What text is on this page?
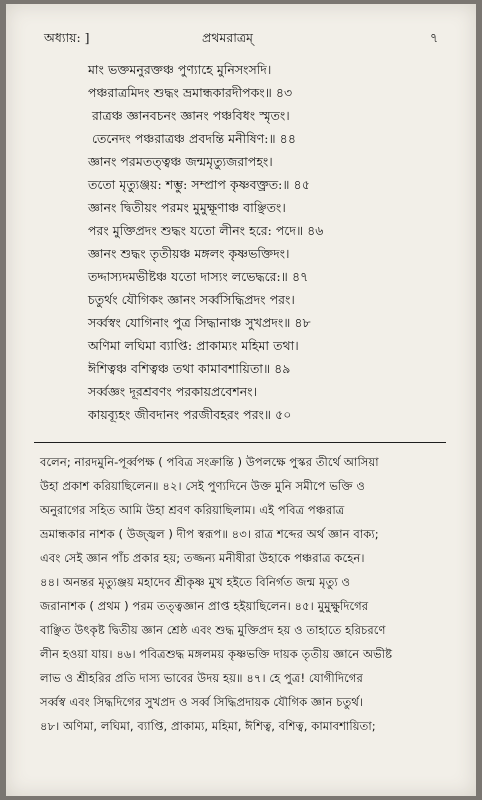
অধ্যায়: ]	প্রথমরাত্রম্	৭
মাং ভক্তমনুরক্তঞ্চ পুণ্যাহে মুনিসংসদি।
পঞ্চরাত্রমিদং শুদ্ধং ভ্রমান্ধকারদীপকং॥ ৪৩
রাত্রঞ্চ জ্ঞানবচনং জ্ঞানং পঞ্চবিধং স্মৃতং।
তেনেদং পঞ্চরাত্রঞ্চ প্রবদন্তি মনীষিণ:॥ ৪৪
জ্ঞানং পরমতত্ত্বঞ্চ জন্মমৃত্যুজরাপহং।
ততো মৃত্যুঞ্জয়: শম্ভু: সম্প্রাপ কৃষ্ণবক্ত্রত:॥ ৪৫
জ্ঞানং দ্বিতীয়ং পরমং মুমুক্ষূণাঞ্চ বাঞ্ছিতং।
পরং মুক্তিপ্রদং শুদ্ধং যতো লীনং হরে: পদে॥ ৪৬
জ্ঞানং শুদ্ধং তৃতীয়ঞ্চ মঙ্গলং কৃষ্ণভক্তিদং।
তদ্দাস্যদমভীষ্টঞ্চ যতো দাস্যং লভেদ্ধরে:॥ ৪৭
চতুর্থং যৌগিকং জ্ঞানং সর্ব্বসিদ্ধিপ্রদং পরং।
সর্ব্বস্বং যোগিনাং পুত্র সিদ্ধানাঞ্চ সুখপ্রদং॥ ৪৮
অণিমা লঘিমা ব্যাপ্তি: প্রাকাম্যং মহিমা তথা।
ঈশিত্বঞ্চ বশিত্বঞ্চ তথা কামাবশায়িতা॥ ৪৯
সর্ব্বজ্ঞং দূরশ্রবণং পরকায়প্রবেশনং।
কায়ব্যূহং জীবদানং পরজীবহরং পরং॥ ৫০
বলেন; নারদমুনি-পূর্ব্বপক্ষ ( পবিত্র সংক্রান্তি ) উপলক্ষে পুস্কর তীর্থে আসিয়া
উহা প্রকাশ করিয়াছিলেন॥ ৪২। সেই পুণ্যদিনে উক্ত মুনি সমীপে ভক্তি ও
অনুরাগের সহিত আমি উহা শ্রবণ করিয়াছিলাম। এই পবিত্র পঞ্চরাত্র
ভ্রমান্ধকার নাশক ( উজ্জ্বল ) দীপ স্বরূপ॥ ৪৩। রাত্র শব্দের অর্থ জ্ঞান বাক্য;
এবং সেই জ্ঞান পাঁচ প্রকার হয়; তজ্জন্য মনীষীরা উহাকে পঞ্চরাত্র কহেন।
৪৪। অনন্তর মৃত্যুঞ্জয় মহাদেব শ্রীকৃষ্ণ মুখ হইতে বিনির্গত জন্ম মৃত্যু ও
জরানাশক ( প্রথম ) পরম তত্ত্বজ্ঞান প্রাপ্ত হইয়াছিলেন। ৪৫। মুমুক্ষুদিগের
বাঞ্ছিত উৎকৃষ্ট দ্বিতীয় জ্ঞান শ্রেষ্ঠ এবং শুদ্ধ মুক্তিপ্রদ হয় ও তাহাতে হরিচরণে
লীন হওয়া যায়। ৪৬। পবিত্রশুদ্ধ মঙ্গলময় কৃষ্ণভক্তি দায়ক তৃতীয় জ্ঞানে অভীষ্ট
লাভ ও শ্রীহরির প্রতি দাস্য ভাবের উদয় হয়॥ ৪৭। হে পুত্র! যোগীদিগের
সর্ব্বস্ব এবং সিদ্ধদিগের সুখপ্রদ ও সর্ব্ব সিদ্ধিপ্রদায়ক যৌগিক জ্ঞান চতুর্থ।
৪৮। অণিমা, লঘিমা, ব্যাপ্তি, প্রাকাম্য, মহিমা, ঈশিত্ব, বশিত্ব, কামাবশায়িতা;
